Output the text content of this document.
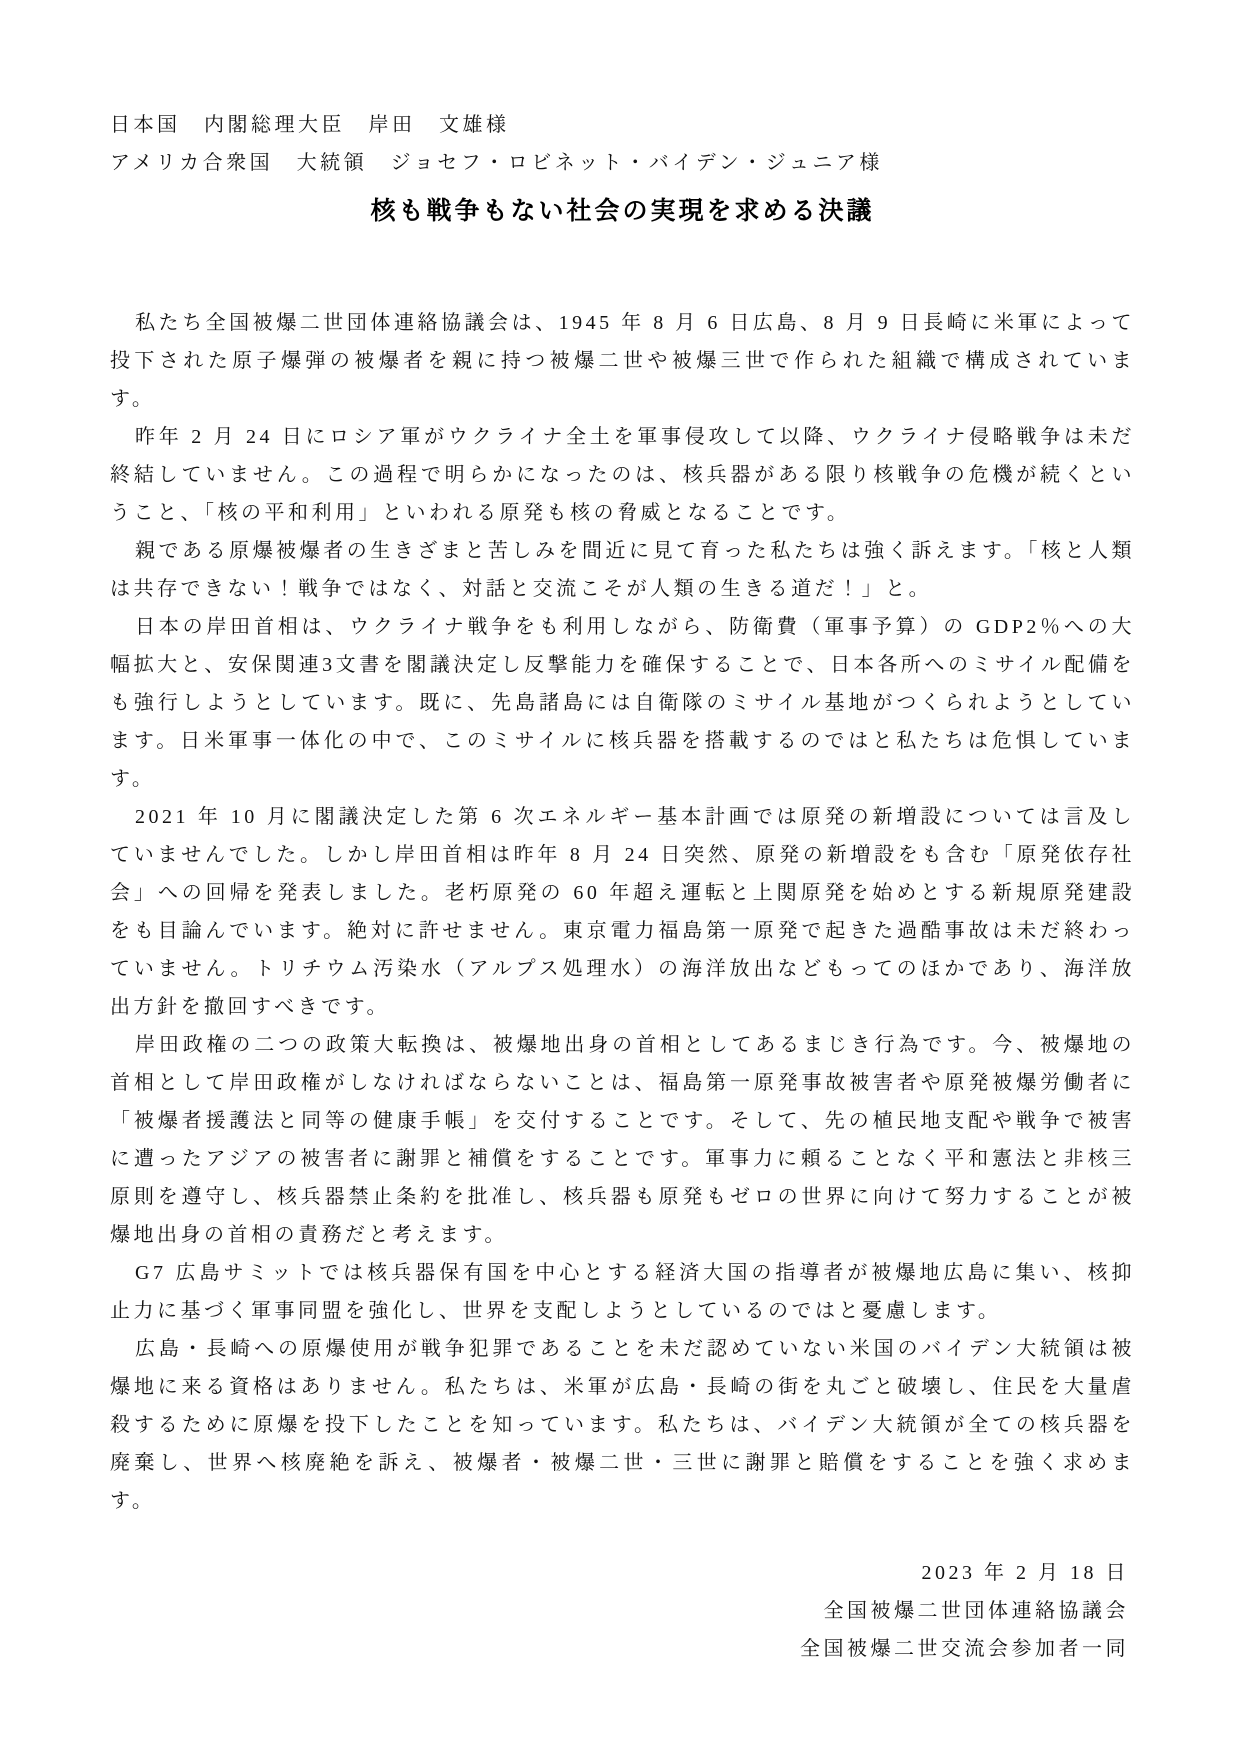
日本国　内閣総理大臣　岸田　文雄様

アメリカ合衆国　大統領　ジョセフ・ロビネット・バイデン・ジュニア様

核も戦争もない社会の実現を求める決議

私たち全国被爆二世団体連絡協議会は、1945 年 8 月 6 日広島、8 月 9 日長崎に米軍によって投下された原子爆弾の被爆者を親に持つ被爆二世や被爆三世で作られた組織で構成されています。

昨年 2 月 24 日にロシア軍がウクライナ全土を軍事侵攻して以降、ウクライナ侵略戦争は未だ終結していません。この過程で明らかになったのは、核兵器がある限り核戦争の危機が続くということ、「核の平和利用」といわれる原発も核の脅威となることです。

親である原爆被爆者の生きざまと苦しみを間近に見て育った私たちは強く訴えます。「核と人類は共存できない！戦争ではなく、対話と交流こそが人類の生きる道だ！」と。

日本の岸田首相は、ウクライナ戦争をも利用しながら、防衛費（軍事予算）の GDP2％への大幅拡大と、安保関連3文書を閣議決定し反撃能力を確保することで、日本各所へのミサイル配備をも強行しようとしています。既に、先島諸島には自衛隊のミサイル基地がつくられようとしています。日米軍事一体化の中で、このミサイルに核兵器を搭載するのではと私たちは危惧しています。

2021 年 10 月に閣議決定した第 6 次エネルギー基本計画では原発の新増設については言及していませんでした。しかし岸田首相は昨年 8 月 24 日突然、原発の新増設をも含む「原発依存社会」への回帰を発表しました。老朽原発の 60 年超え運転と上関原発を始めとする新規原発建設をも目論んでいます。絶対に許せません。東京電力福島第一原発で起きた過酷事故は未だ終わっていません。トリチウム汚染水（アルプス処理水）の海洋放出などもってのほかであり、海洋放出方針を撤回すべきです。

岸田政権の二つの政策大転換は、被爆地出身の首相としてあるまじき行為です。今、被爆地の首相として岸田政権がしなければならないことは、福島第一原発事故被害者や原発被爆労働者に「被爆者援護法と同等の健康手帳」を交付することです。そして、先の植民地支配や戦争で被害に遭ったアジアの被害者に謝罪と補償をすることです。軍事力に頼ることなく平和憲法と非核三原則を遵守し、核兵器禁止条約を批准し、核兵器も原発もゼロの世界に向けて努力することが被爆地出身の首相の責務だと考えます。

G7 広島サミットでは核兵器保有国を中心とする経済大国の指導者が被爆地広島に集い、核抑止力に基づく軍事同盟を強化し、世界を支配しようとしているのではと憂慮します。

広島・長崎への原爆使用が戦争犯罪であることを未だ認めていない米国のバイデン大統領は被爆地に来る資格はありません。私たちは、米軍が広島・長崎の街を丸ごと破壊し、住民を大量虐殺するために原爆を投下したことを知っています。私たちは、バイデン大統領が全ての核兵器を廃棄し、世界へ核廃絶を訴え、被爆者・被爆二世・三世に謝罪と賠償をすることを強く求めます。

2023 年 2 月 18 日
全国被爆二世団体連絡協議会
全国被爆二世交流会参加者一同
